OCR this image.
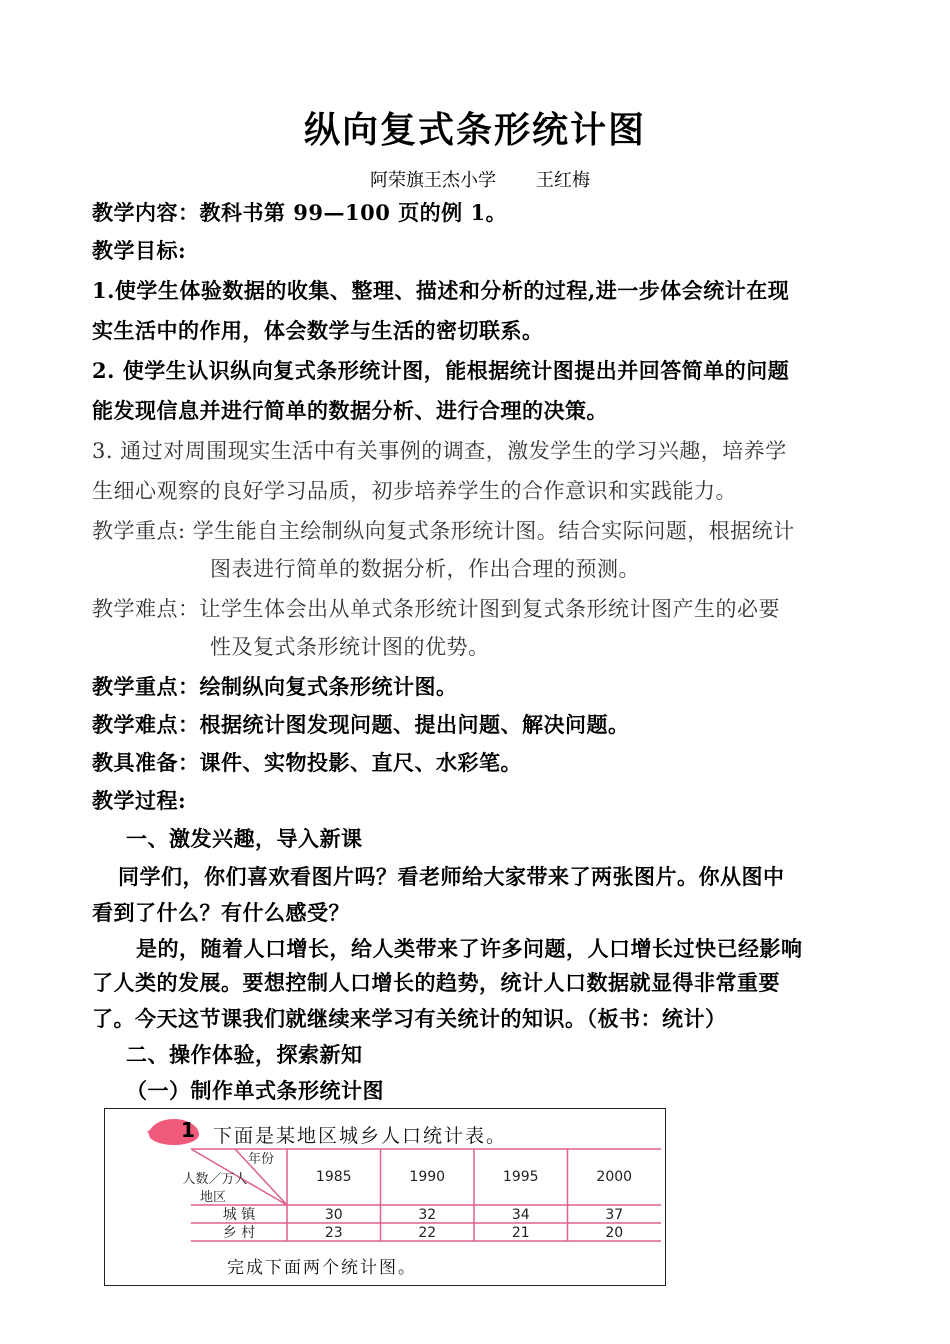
纵向复式条形统计图
阿荣旗王杰小学       王红梅
教学内容：教科书第 99—100 页的例 1。
教学目标:
1.使学生体验数据的收集、整理、描述和分析的过程,进一步体会统计在现
实生活中的作用，体会数学与生活的密切联系。
2. 使学生认识纵向复式条形统计图，能根据统计图提出并回答简单的问题
能发现信息并进行简单的数据分析、进行合理的决策。
3. 通过对周围现实生活中有关事例的调查，激发学生的学习兴趣，培养学
生细心观察的良好学习品质，初步培养学生的合作意识和实践能力。
教学重点: 学生能自主绘制纵向复式条形统计图。结合实际问题，根据统计
图表进行简单的数据分析，作出合理的预测。
教学难点：让学生体会出从单式条形统计图到复式条形统计图产生的必要
性及复式条形统计图的优势。
教学重点：绘制纵向复式条形统计图。
教学难点：根据统计图发现问题、提出问题、解决问题。
教具准备：课件、实物投影、直尺、水彩笔。
教学过程:
一、激发兴趣，导入新课
同学们，你们喜欢看图片吗？看老师给大家带来了两张图片。你从图中
看到了什么？有什么感受？
是的，随着人口增长，给人类带来了许多问题，人口增长过快已经影响
了人类的发展。要想控制人口增长的趋势，统计人口数据就显得非常重要
了。今天这节课我们就继续来学习有关统计的知识。（板书：统计）
二、操作体验，探索新知
（一）制作单式条形统计图
1 下面是某地区城乡人口统计表。
年份
人数／万人
地区
1985	1990	1995	2000
城 镇	30	32	34	37
乡 村	23	22	21	20
完成下面两个统计图。
